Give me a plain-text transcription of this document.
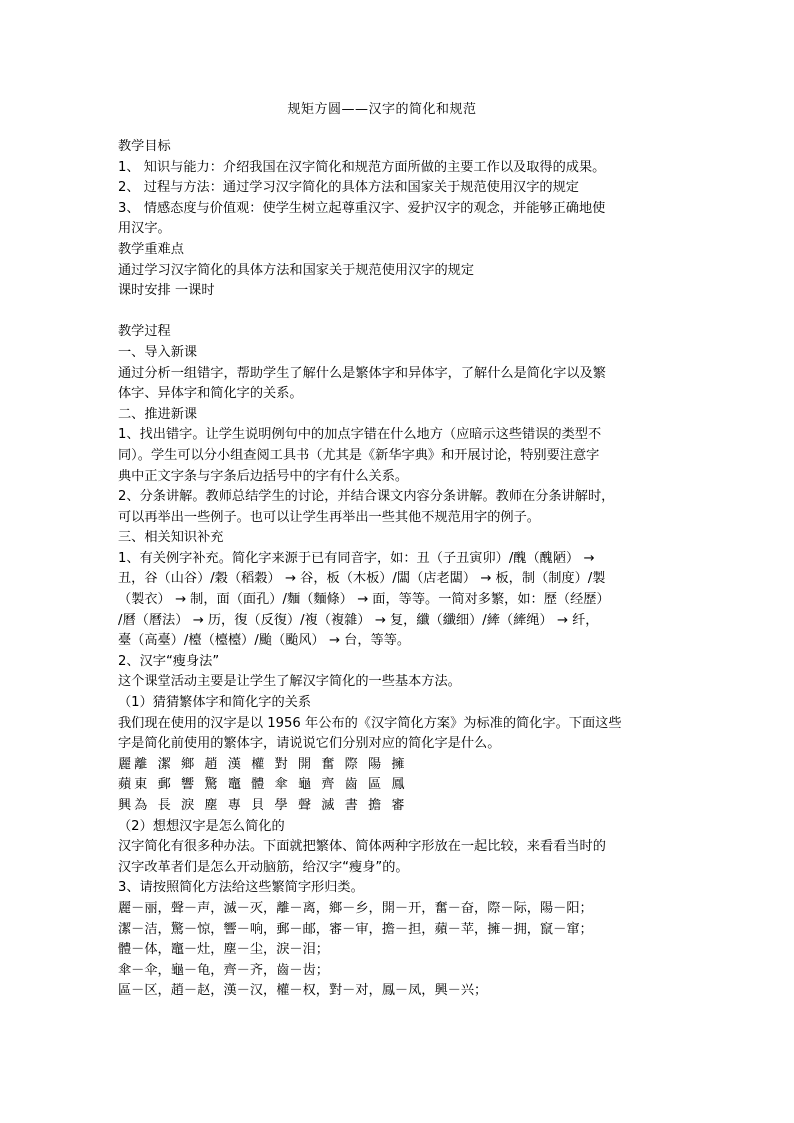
规矩方圆——汉字的简化和规范

教学目标

1、 知识与能力：介绍我国在汉字简化和规范方面所做的主要工作以及取得的成果。

2、 过程与方法：通过学习汉字简化的具体方法和国家关于规范使用汉字的规定

3、 情感态度与价值观：使学生树立起尊重汉字、爱护汉字的观念，并能够正确地使

用汉字。

教学重难点

通过学习汉字简化的具体方法和国家关于规范使用汉字的规定

课时安排 一课时

教学过程

一、导入新课

通过分析一组错字，帮助学生了解什么是繁体字和异体字，了解什么是简化字以及繁

体字、异体字和简化字的关系。

二、推进新课

1、找出错字。让学生说明例句中的加点字错在什么地方（应暗示这些错误的类型不

同）。学生可以分小组查阅工具书（尤其是《新华字典》和开展讨论，特别要注意字

典中正文字条与字条后边括号中的字有什么关系。

2、分条讲解。教师总结学生的讨论，并结合课文内容分条讲解。教师在分条讲解时，

可以再举出一些例子。也可以让学生再举出一些其他不规范用字的例子。

三、相关知识补充

1、有关例字补充。简化字来源于已有同音字，如：丑（子丑寅卯）/醜（醜陋） →

丑，谷（山谷）/穀（稻穀） → 谷，板（木板）/闆（店老闆） → 板，制（制度）/製

（製衣） → 制，面（面孔）/麵（麵條） → 面，等等。一简对多繁，如：歷（经歷）

/曆（曆法） → 历，復（反復）/複（複雜） → 复，纖（纖细）/縴（縴绳） → 纤，

臺（高臺）/檯（檯檯）/颱（颱风） → 台，等等。

2、汉字“瘦身法”

这个课堂活动主要是让学生了解汉字简化的一些基本方法。

（1）猜猜繁体字和简化字的关系

我们现在使用的汉字是以 1956 年公布的《汉字简化方案》为标准的简化字。下面这些

字是简化前使用的繁体字，请说说它们分别对应的简化字是什么。

麗離 潔 鄉 趙 漢 權 對 開 奮 際 陽 擁

蘋東 郵 響 驚 竈 體 傘 龜 齊 齒 區 鳳

興為 長 淚 塵 專 貝 學 聲 滅 書 擔 審

（2）想想汉字是怎么简化的

汉字简化有很多种办法。下面就把繁体、简体两种字形放在一起比较，来看看当时的

汉字改革者们是怎么开动脑筋，给汉字“瘦身”的。

3、请按照简化方法给这些繁简字形归类。

麗－丽，聲－声，滅－灭，離－离，鄉－乡，開－开，奮－奋，際－际，陽－阳；

潔－洁，驚－惊，響－响，郵－邮，審－审，擔－担，蘋－苹，擁－拥，竄－窜；

體－体，竈－灶，塵－尘，淚－泪；

傘－伞，龜－龟，齊－齐，齒－齿；

區－区，趙－赵，漢－汉，權－权，對－对，鳳－凤，興－兴；
